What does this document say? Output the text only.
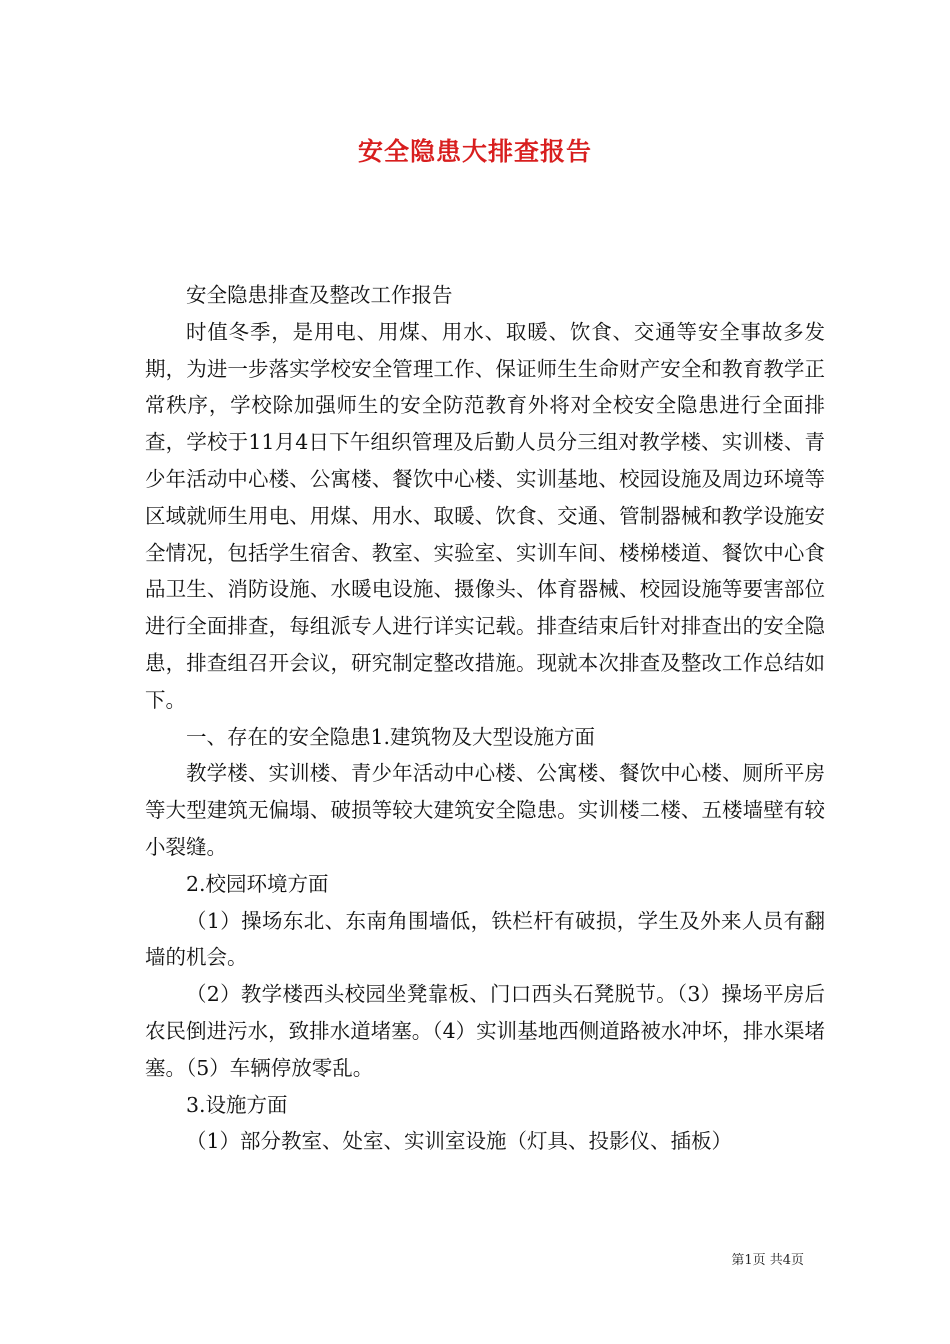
安全隐患大排查报告

安全隐患排查及整改工作报告

时值冬季，是用电、用煤、用水、取暖、饮食、交通等安全事故多发期，为进一步落实学校安全管理工作、保证师生生命财产安全和教育教学正常秩序，学校除加强师生的安全防范教育外将对全校安全隐患进行全面排查，学校于11月4日下午组织管理及后勤人员分三组对教学楼、实训楼、青少年活动中心楼、公寓楼、餐饮中心楼、实训基地、校园设施及周边环境等区域就师生用电、用煤、用水、取暖、饮食、交通、管制器械和教学设施安全情况，包括学生宿舍、教室、实验室、实训车间、楼梯楼道、餐饮中心食品卫生、消防设施、水暖电设施、摄像头、体育器械、校园设施等要害部位进行全面排查，每组派专人进行详实记载。排查结束后针对排查出的安全隐患，排查组召开会议，研究制定整改措施。现就本次排查及整改工作总结如下。

一、存在的安全隐患1.建筑物及大型设施方面

教学楼、实训楼、青少年活动中心楼、公寓楼、餐饮中心楼、厕所平房等大型建筑无偏塌、破损等较大建筑安全隐患。实训楼二楼、五楼墙壁有较小裂缝。

2.校园环境方面

（1）操场东北、东南角围墙低，铁栏杆有破损，学生及外来人员有翻墙的机会。

（2）教学楼西头校园坐凳靠板、门口西头石凳脱节。（3）操场平房后农民倒进污水，致排水道堵塞。（4）实训基地西侧道路被水冲坏，排水渠堵塞。（5）车辆停放零乱。

3.设施方面

（1）部分教室、处室、实训室设施（灯具、投影仪、插板）

第1页 共4页
